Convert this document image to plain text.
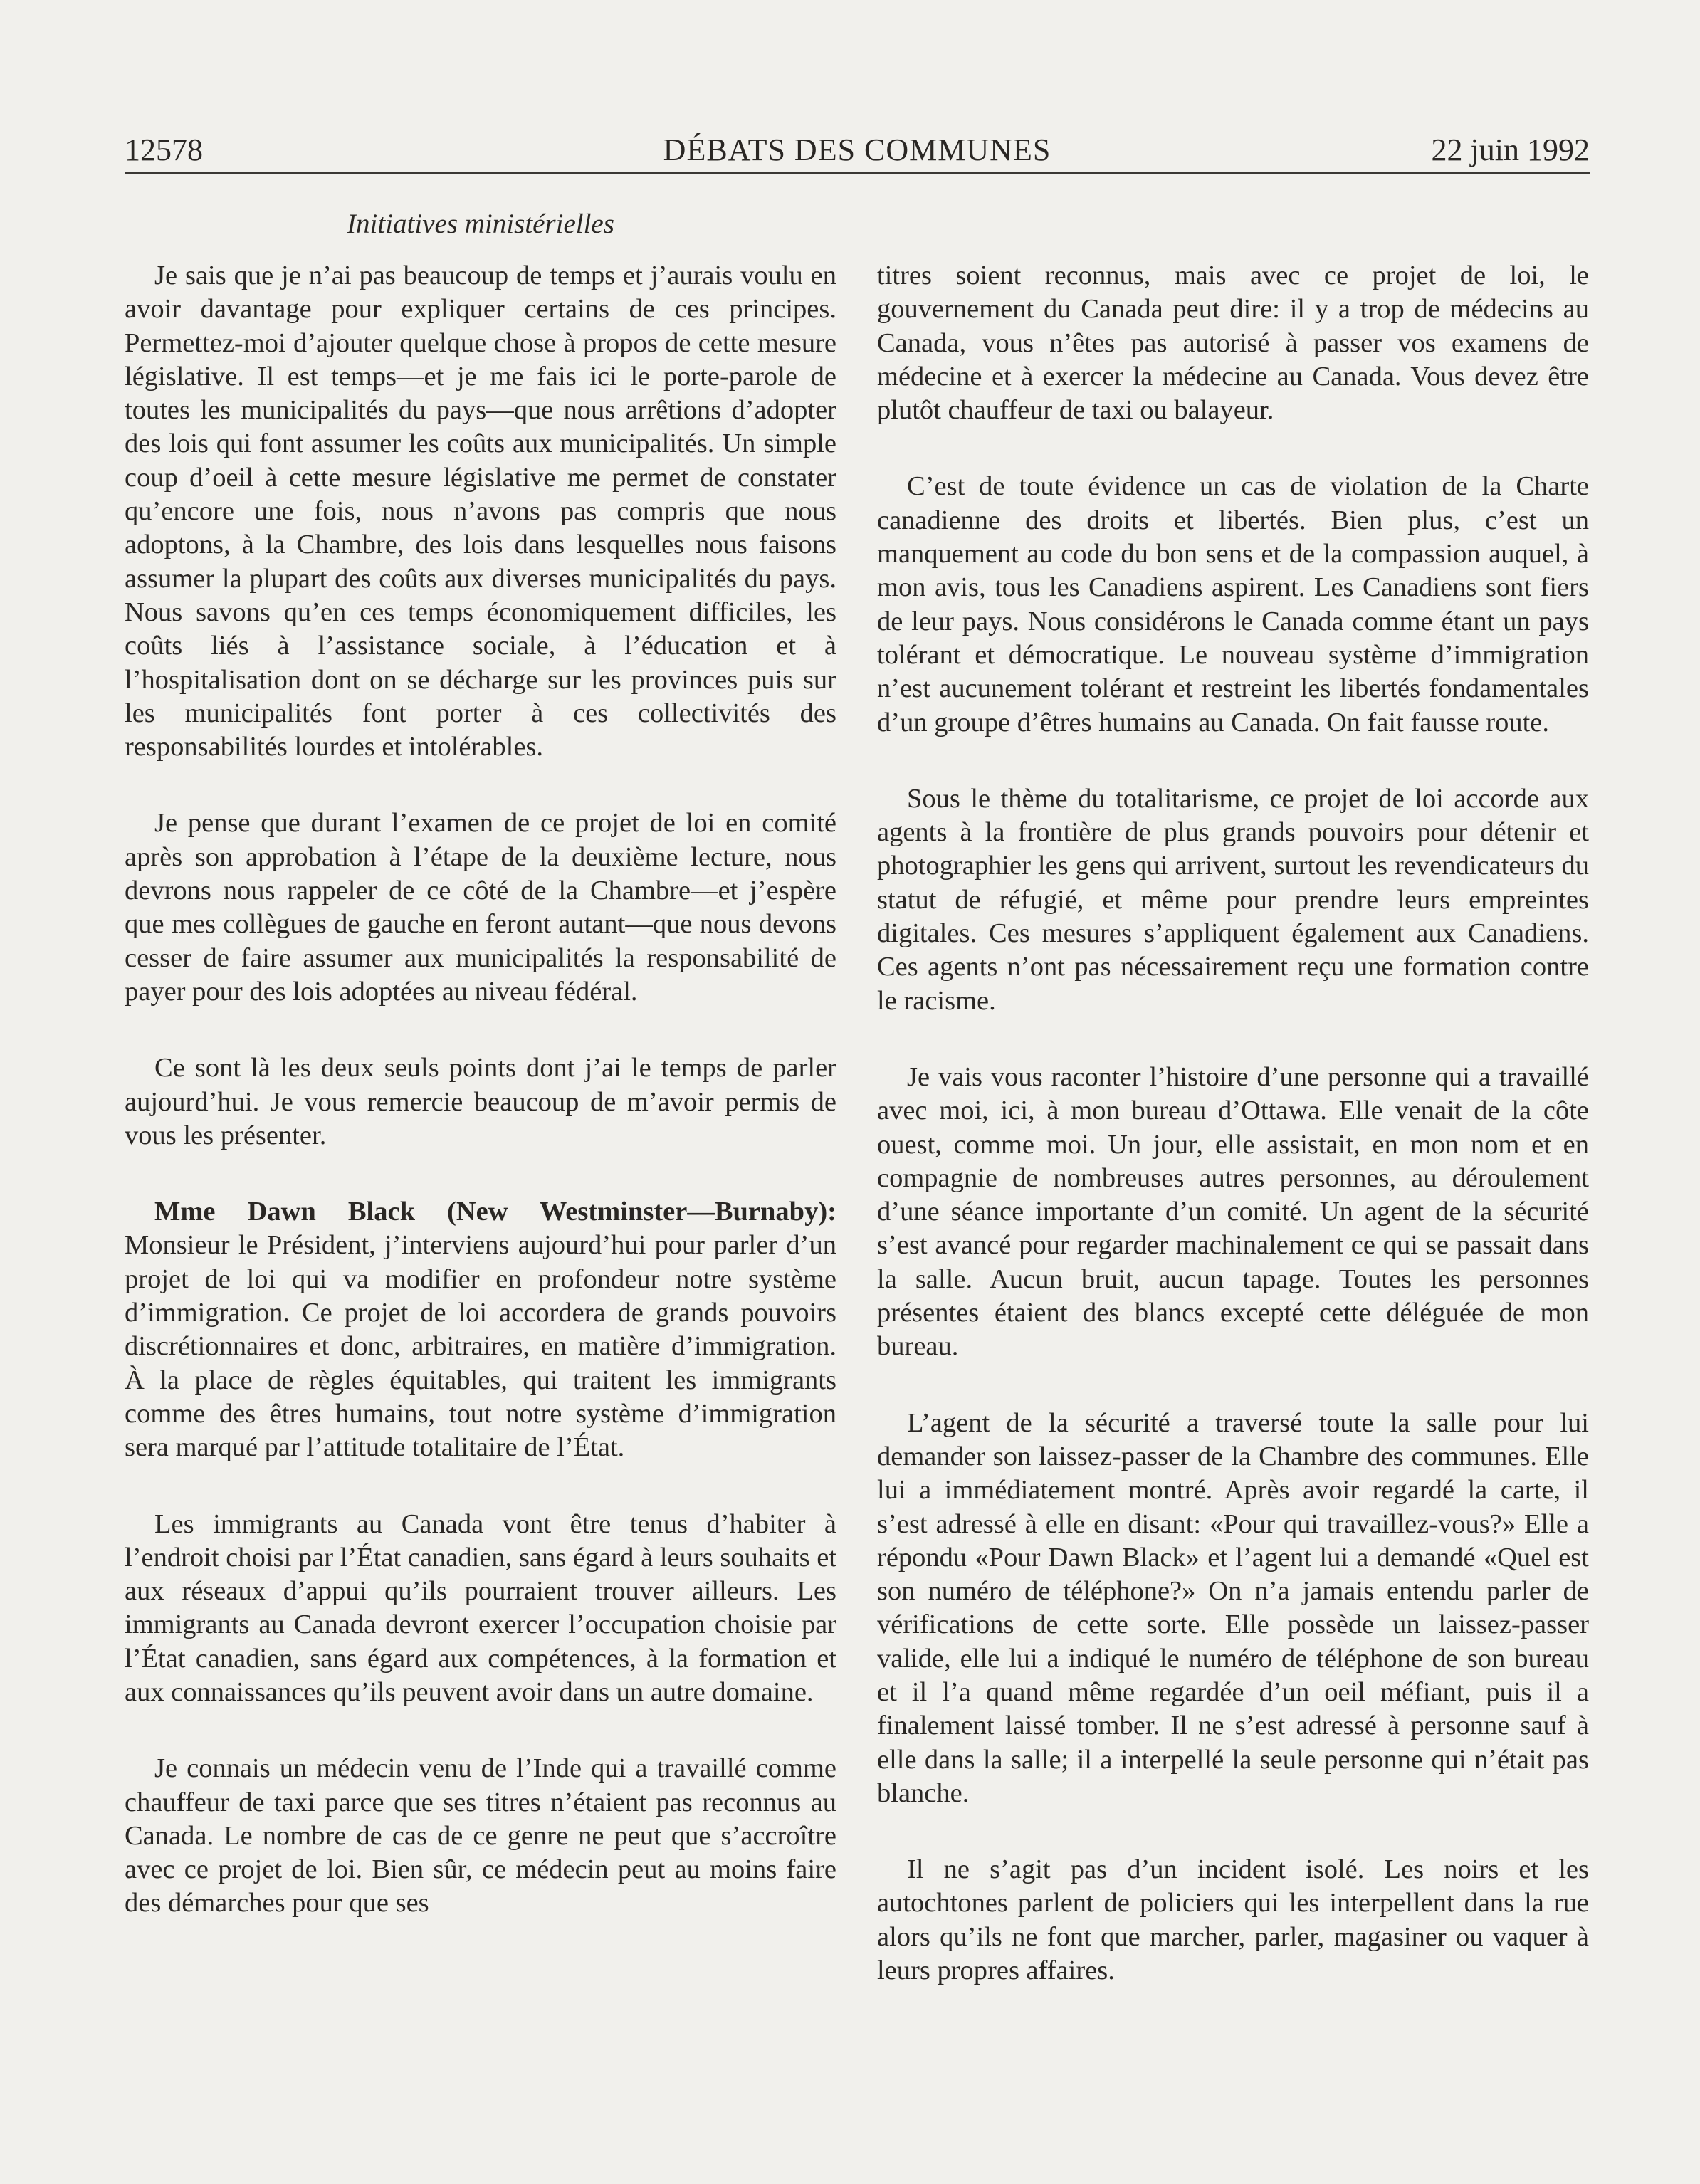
12578	DÉBATS DES COMMUNES	22 juin 1992
Initiatives ministérielles

Je sais que je n’ai pas beaucoup de temps et j’aurais voulu en avoir davantage pour expliquer certains de ces principes. Permettez-moi d’ajouter quelque chose à propos de cette mesure législative. Il est temps—et je me fais ici le porte-parole de toutes les municipalités du pays—que nous arrêtions d’adopter des lois qui font assumer les coûts aux municipalités. Un simple coup d’oeil à cette mesure législative me permet de constater qu’encore une fois, nous n’avons pas compris que nous adoptons, à la Chambre, des lois dans lesquelles nous faisons assumer la plupart des coûts aux diverses municipalités du pays. Nous savons qu’en ces temps économiquement difficiles, les coûts liés à l’assistance sociale, à l’éducation et à l’hospitalisation dont on se décharge sur les provinces puis sur les municipalités font porter à ces collectivités des responsabilités lourdes et intolérables.

Je pense que durant l’examen de ce projet de loi en comité après son approbation à l’étape de la deuxième lecture, nous devrons nous rappeler de ce côté de la Chambre—et j’espère que mes collègues de gauche en feront autant—que nous devons cesser de faire assumer aux municipalités la responsabilité de payer pour des lois adoptées au niveau fédéral.

Ce sont là les deux seuls points dont j’ai le temps de parler aujourd’hui. Je vous remercie beaucoup de m’avoir permis de vous les présenter.

Mme Dawn Black (New Westminster—Burnaby): Monsieur le Président, j’interviens aujourd’hui pour parler d’un projet de loi qui va modifier en profondeur notre système d’immigration. Ce projet de loi accordera de grands pouvoirs discrétionnaires et donc, arbitraires, en matière d’immigration. À la place de règles équitables, qui traitent les immigrants comme des êtres humains, tout notre système d’immigration sera marqué par l’attitude totalitaire de l’État.

Les immigrants au Canada vont être tenus d’habiter à l’endroit choisi par l’État canadien, sans égard à leurs souhaits et aux réseaux d’appui qu’ils pourraient trouver ailleurs. Les immigrants au Canada devront exercer l’occupation choisie par l’État canadien, sans égard aux compétences, à la formation et aux connaissances qu’ils peuvent avoir dans un autre domaine.

Je connais un médecin venu de l’Inde qui a travaillé comme chauffeur de taxi parce que ses titres n’étaient pas reconnus au Canada. Le nombre de cas de ce genre ne peut que s’accroître avec ce projet de loi. Bien sûr, ce médecin peut au moins faire des démarches pour que ses

titres soient reconnus, mais avec ce projet de loi, le gouvernement du Canada peut dire: il y a trop de médecins au Canada, vous n’êtes pas autorisé à passer vos examens de médecine et à exercer la médecine au Canada. Vous devez être plutôt chauffeur de taxi ou balayeur.

C’est de toute évidence un cas de violation de la Charte canadienne des droits et libertés. Bien plus, c’est un manquement au code du bon sens et de la compassion auquel, à mon avis, tous les Canadiens aspirent. Les Canadiens sont fiers de leur pays. Nous considérons le Canada comme étant un pays tolérant et démocratique. Le nouveau système d’immigration n’est aucunement tolérant et restreint les libertés fondamentales d’un groupe d’êtres humains au Canada. On fait fausse route.

Sous le thème du totalitarisme, ce projet de loi accorde aux agents à la frontière de plus grands pouvoirs pour détenir et photographier les gens qui arrivent, surtout les revendicateurs du statut de réfugié, et même pour prendre leurs empreintes digitales. Ces mesures s’appliquent également aux Canadiens. Ces agents n’ont pas nécessairement reçu une formation contre le racisme.

Je vais vous raconter l’histoire d’une personne qui a travaillé avec moi, ici, à mon bureau d’Ottawa. Elle venait de la côte ouest, comme moi. Un jour, elle assistait, en mon nom et en compagnie de nombreuses autres personnes, au déroulement d’une séance importante d’un comité. Un agent de la sécurité s’est avancé pour regarder machinalement ce qui se passait dans la salle. Aucun bruit, aucun tapage. Toutes les personnes présentes étaient des blancs excepté cette déléguée de mon bureau.

L’agent de la sécurité a traversé toute la salle pour lui demander son laissez-passer de la Chambre des communes. Elle lui a immédiatement montré. Après avoir regardé la carte, il s’est adressé à elle en disant: «Pour qui travaillez-vous?» Elle a répondu «Pour Dawn Black» et l’agent lui a demandé «Quel est son numéro de téléphone?» On n’a jamais entendu parler de vérifications de cette sorte. Elle possède un laissez-passer valide, elle lui a indiqué le numéro de téléphone de son bureau et il l’a quand même regardée d’un oeil méfiant, puis il a finalement laissé tomber. Il ne s’est adressé à personne sauf à elle dans la salle; il a interpellé la seule personne qui n’était pas blanche.

Il ne s’agit pas d’un incident isolé. Les noirs et les autochtones parlent de policiers qui les interpellent dans la rue alors qu’ils ne font que marcher, parler, magasiner ou vaquer à leurs propres affaires.
